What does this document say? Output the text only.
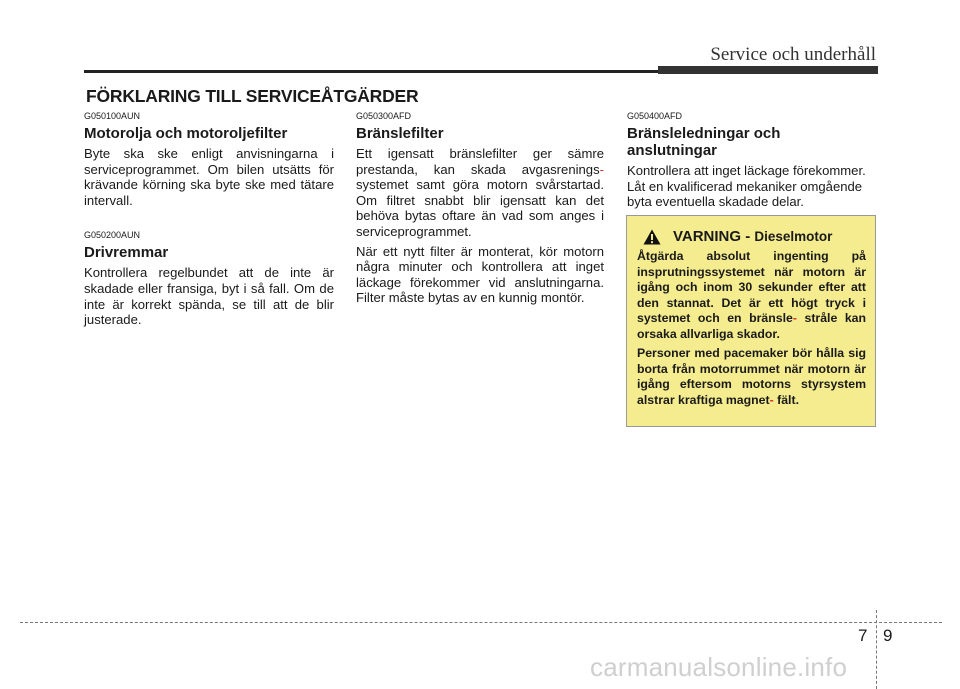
Service och underhåll
FÖRKLARING TILL SERVICEÅTGÄRDER
G050100AUN
Motorolja och motoroljefilter

Byte ska ske enligt anvisningarna i serviceprogrammet. Om bilen utsätts för krävande körning ska byte ske med tätare intervall.

G050200AUN
Drivremmar

Kontrollera regelbundet att de inte är skadade eller fransiga, byt i så fall. Om de inte är korrekt spända, se till att de blir justerade.

G050300AFD
Bränslefilter

Ett igensatt bränslefilter ger sämre prestanda, kan skada avgasrenings- systemet samt göra motorn svårstartad. Om filtret snabbt blir igensatt kan det behöva bytas oftare än vad som anges i serviceprogrammet.

När ett nytt filter är monterat, kör motorn några minuter och kontrollera att inget läckage förekommer vid anslutningarna. Filter måste bytas av en kunnig montör.

G050400AFD
Bränsleledningar och
anslutningar

Kontrollera att inget läckage förekommer. Låt en kvalificerad mekaniker omgående byta eventuella skadade delar.

VARNING - Dieselmotor

Åtgärda absolut ingenting på insprutningssystemet när motorn är igång och inom 30 sekunder efter att den stannat. Det är ett högt tryck i systemet och en bränsle- stråle kan orsaka allvarliga skador.

Personer med pacemaker bör hålla sig borta från motorrummet när motorn är igång eftersom motorns styrsystem alstrar kraftiga magnet- fält.

7 9
carmanualsonline.info
